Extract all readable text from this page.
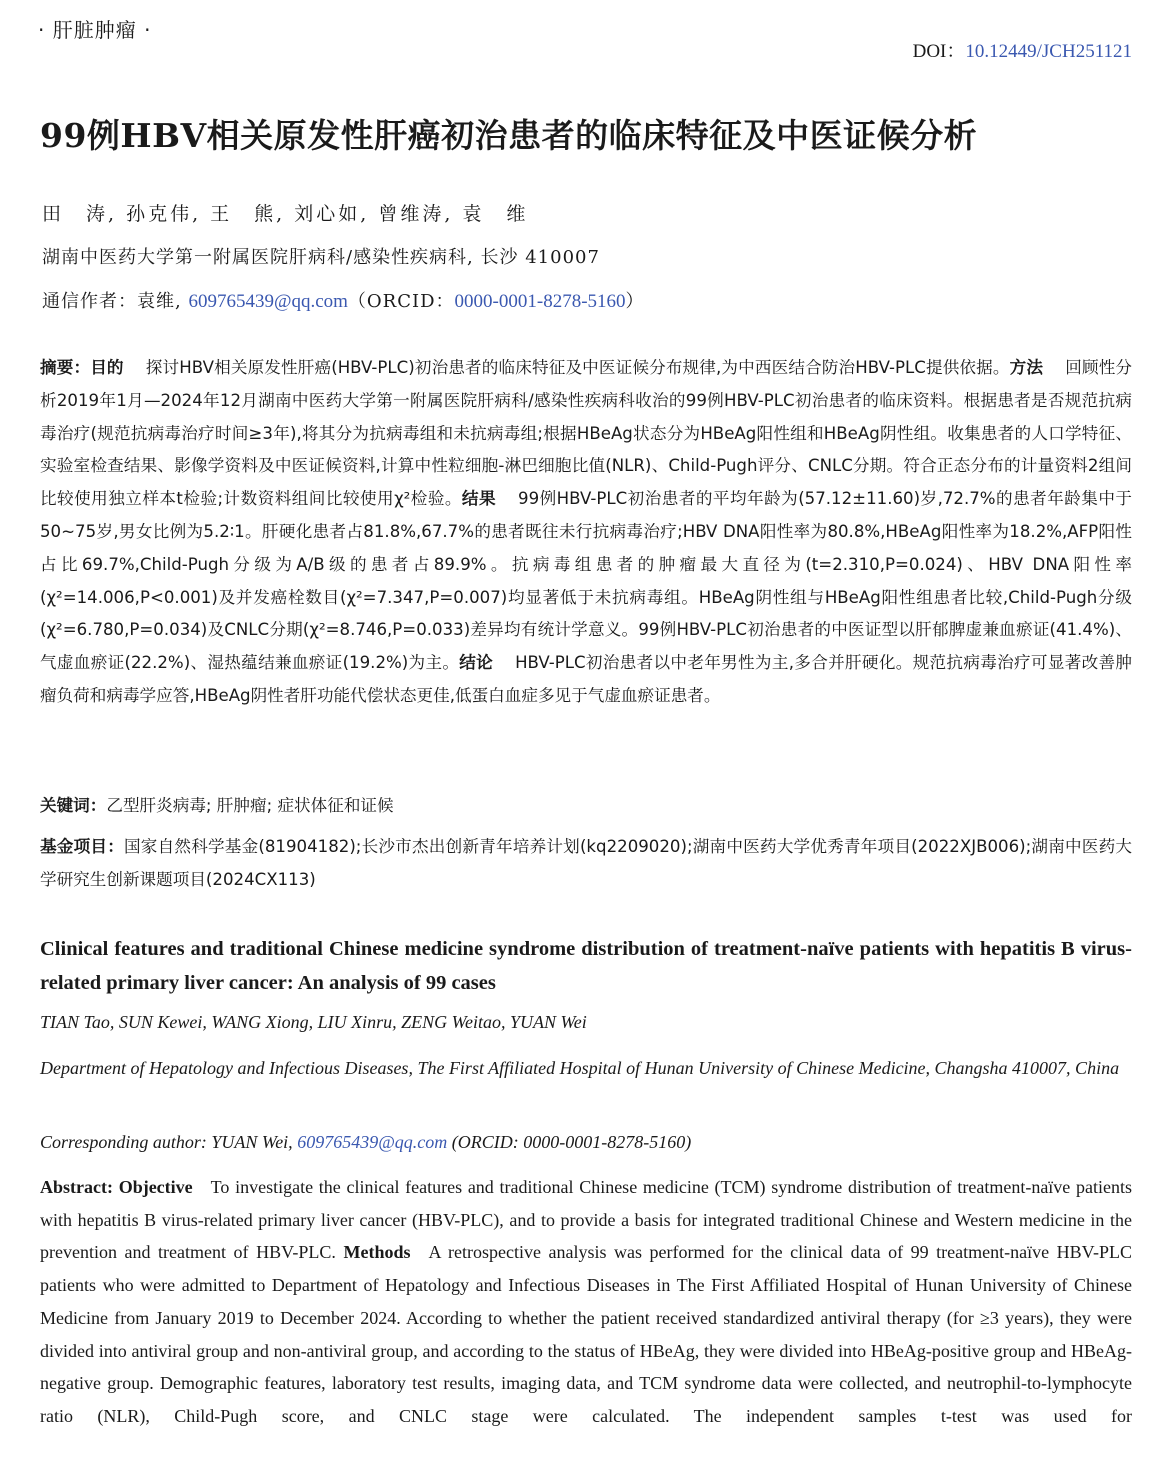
· 肝脏肿瘤 ·
DOI：10.12449/JCH251121
99例HBV相关原发性肝癌初治患者的临床特征及中医证候分析
田　涛, 孙克伟, 王　熊, 刘心如, 曾维涛, 袁　维
湖南中医药大学第一附属医院肝病科/感染性疾病科, 长沙 410007
通信作者：袁维, 609765439@qq.com（ORCID：0000-0001-8278-5160）
摘要：目的 探讨HBV相关原发性肝癌(HBV-PLC)初治患者的临床特征及中医证候分布规律,为中西医结合防治HBV-PLC提供依据。方法 回顾性分析2019年1月—2024年12月湖南中医药大学第一附属医院肝病科/感染性疾病科收治的99例HBV-PLC初治患者的临床资料。根据患者是否规范抗病毒治疗(规范抗病毒治疗时间≥3年),将其分为抗病毒组和未抗病毒组;根据HBeAg状态分为HBeAg阳性组和HBeAg阴性组。收集患者的人口学特征、实验室检查结果、影像学资料及中医证候资料,计算中性粒细胞-淋巴细胞比值(NLR)、Child-Pugh评分、CNLC分期。符合正态分布的计量资料2组间比较使用独立样本t检验;计数资料组间比较使用χ²检验。结果 99例HBV-PLC初治患者的平均年龄为(57.12±11.60)岁,72.7%的患者年龄集中于50~75岁,男女比例为5.2∶1。肝硬化患者占81.8%,67.7%的患者既往未行抗病毒治疗;HBV DNA阳性率为80.8%,HBeAg阳性率为18.2%,AFP阳性占比69.7%,Child-Pugh分级为A/B级的患者占89.9%。抗病毒组患者的肿瘤最大直径为(t=2.310,P=0.024)、HBV DNA阳性率(χ²=14.006,P<0.001)及并发癌栓数目(χ²=7.347,P=0.007)均显著低于未抗病毒组。HBeAg阴性组与HBeAg阳性组患者比较,Child-Pugh分级(χ²=6.780,P=0.034)及CNLC分期(χ²=8.746,P=0.033)差异均有统计学意义。99例HBV-PLC初治患者的中医证型以肝郁脾虚兼血瘀证(41.4%)、气虚血瘀证(22.2%)、湿热蕴结兼血瘀证(19.2%)为主。结论 HBV-PLC初治患者以中老年男性为主,多合并肝硬化。规范抗病毒治疗可显著改善肿瘤负荷和病毒学应答,HBeAg阴性者肝功能代偿状态更佳,低蛋白血症多见于气虚血瘀证患者。
关键词：乙型肝炎病毒; 肝肿瘤; 症状体征和证候
基金项目：国家自然科学基金(81904182);长沙市杰出创新青年培养计划(kq2209020);湖南中医药大学优秀青年项目(2022XJB006);湖南中医药大学研究生创新课题项目(2024CX113)
Clinical features and traditional Chinese medicine syndrome distribution of treatment-naïve patients with hepatitis B virus-related primary liver cancer: An analysis of 99 cases
TIAN Tao, SUN Kewei, WANG Xiong, LIU Xinru, ZENG Weitao, YUAN Wei
Department of Hepatology and Infectious Diseases, The First Affiliated Hospital of Hunan University of Chinese Medicine, Changsha 410007, China
Corresponding author: YUAN Wei, 609765439@qq.com (ORCID: 0000-0001-8278-5160)
Abstract: Objective To investigate the clinical features and traditional Chinese medicine (TCM) syndrome distribution of treatment-naïve patients with hepatitis B virus-related primary liver cancer (HBV-PLC), and to provide a basis for integrated traditional Chinese and Western medicine in the prevention and treatment of HBV-PLC. Methods A retrospective analysis was performed for the clinical data of 99 treatment-naïve HBV-PLC patients who were admitted to Department of Hepatology and Infectious Diseases in The First Affiliated Hospital of Hunan University of Chinese Medicine from January 2019 to December 2024. According to whether the patient received standardized antiviral therapy (for ≥3 years), they were divided into antiviral group and non-antiviral group, and according to the status of HBeAg, they were divided into HBeAg-positive group and HBeAg-negative group. Demographic features, laboratory test results, imaging data, and TCM syndrome data were collected, and neutrophil-to-lymphocyte ratio (NLR), Child-Pugh score, and CNLC stage were calculated. The independent samples t-test was used for
